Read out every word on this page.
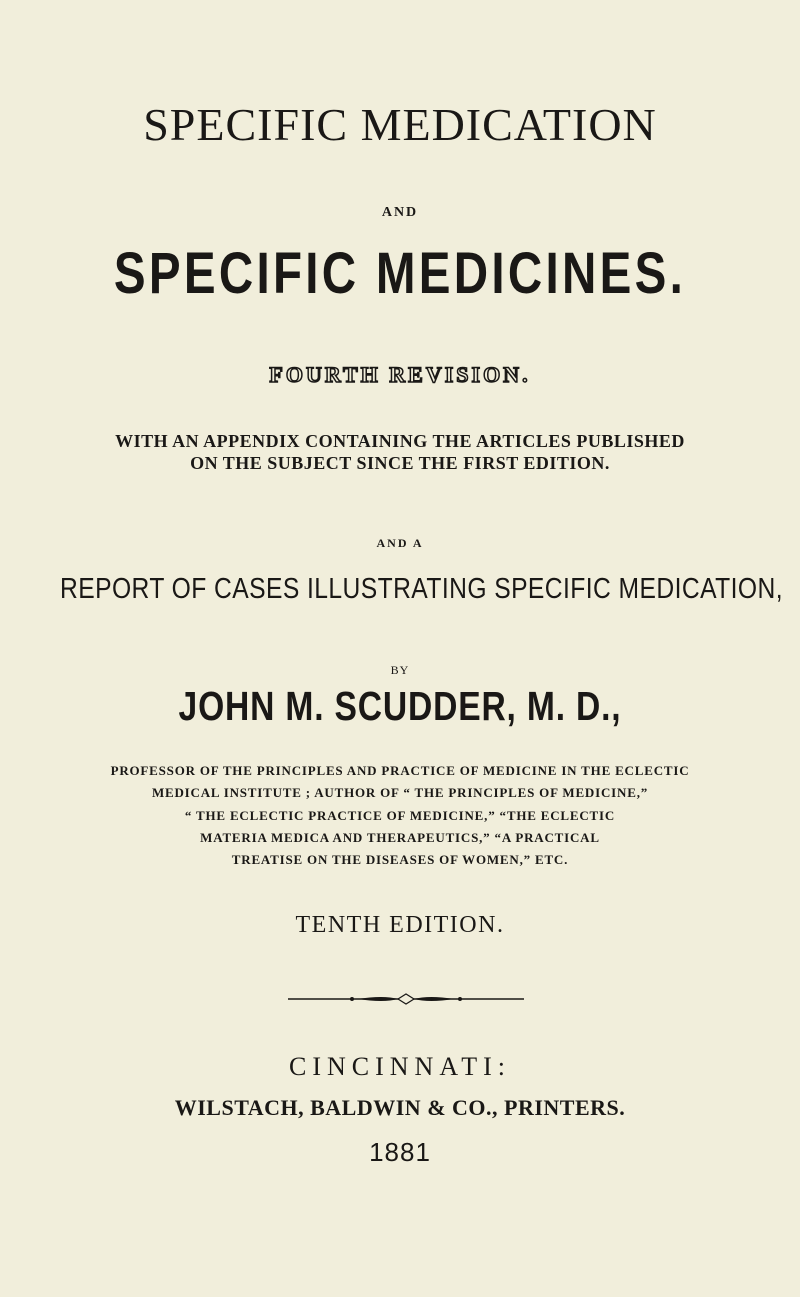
SPECIFIC MEDICATION
AND
SPECIFIC MEDICINES.
FOURTH REVISION.
WITH AN APPENDIX CONTAINING THE ARTICLES PUBLISHED
ON THE SUBJECT SINCE THE FIRST EDITION.
AND A
REPORT OF CASES ILLUSTRATING SPECIFIC MEDICATION,
BY
JOHN M. SCUDDER, M. D.,
PROFESSOR OF THE PRINCIPLES AND PRACTICE OF MEDICINE IN THE ECLECTIC
MEDICAL INSTITUTE ; AUTHOR OF “ THE PRINCIPLES OF MEDICINE,”
“ THE ECLECTIC PRACTICE OF MEDICINE,” “THE ECLECTIC
MATERIA MEDICA AND THERAPEUTICS,” “A PRACTICAL
TREATISE ON THE DISEASES OF WOMEN,” ETC.
TENTH EDITION.
CINCINNATI:
WILSTACH, BALDWIN & CO., PRINTERS.
1881
